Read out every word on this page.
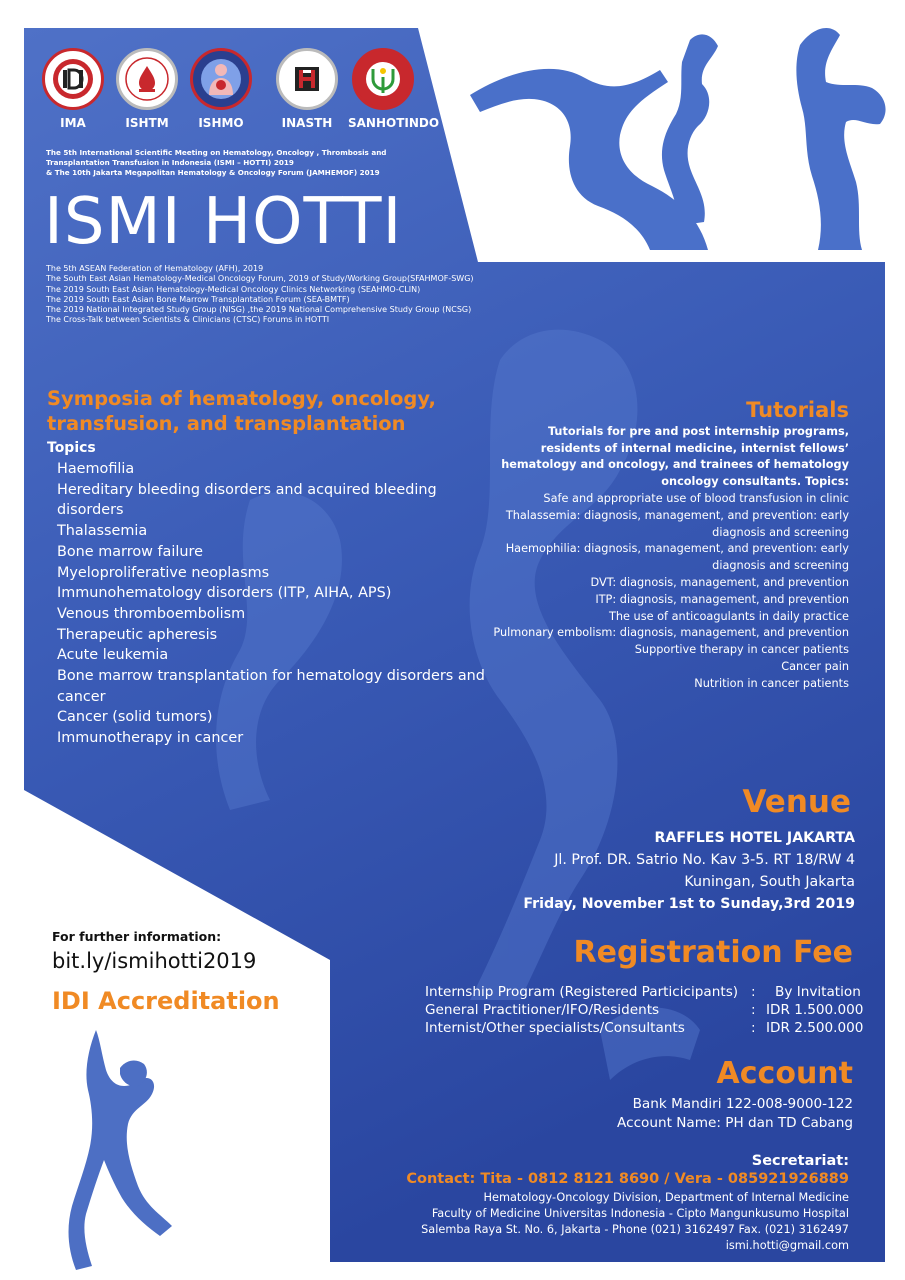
IMA	ISHTM	ISHMO	INASTH	SANHOTINDO
The 5th International Scientific Meeting on Hematology, Oncology , Thrombosis and
Transplantation Transfusion in Indonesia (ISMI – HOTTI) 2019
& The 10th Jakarta Megapolitan Hematology & Oncology Forum (JAMHEMOF) 2019
ISMI HOTTI
The 5th ASEAN Federation of Hematology (AFH), 2019
The South East Asian Hematology-Medical Oncology Forum, 2019 of Study/Working Group(SFAHMOF-SWG)
The 2019 South East Asian Hematology-Medical Oncology Clinics Networking (SEAHMO-CLIN)
The 2019 South East Asian Bone Marrow Transplantation Forum (SEA-BMTF)
The 2019 National Integrated Study Group (NISG) ,the 2019 National Comprehensive Study Group (NCSG)
The Cross-Talk between Scientists & Clinicians (CTSC) Forums in HOTTI
Symposia of hematology, oncology, transfusion, and transplantation
Topics
Haemofilia
Hereditary bleeding disorders and acquired bleeding disorders
Thalassemia
Bone marrow failure
Myeloproliferative neoplasms
Immunohematology disorders (ITP, AIHA, APS)
Venous thromboembolism
Therapeutic apheresis
Acute leukemia
Bone marrow transplantation for hematology disorders and cancer
Cancer (solid tumors)
Immunotherapy in cancer
Tutorials
Tutorials for pre and post internship programs, residents of internal medicine, internist fellows’ hematology and oncology, and trainees of hematology oncology consultants. Topics:
Safe and appropriate use of blood transfusion in clinic
Thalassemia: diagnosis, management, and prevention: early diagnosis and screening
Haemophilia: diagnosis, management, and prevention: early diagnosis and screening
DVT: diagnosis, management, and prevention
ITP: diagnosis, management, and prevention
The use of anticoagulants in daily practice
Pulmonary embolism: diagnosis, management, and prevention
Supportive therapy in cancer patients
Cancer pain
Nutrition in cancer patients
Venue
RAFFLES HOTEL JAKARTA
Jl. Prof. DR. Satrio No. Kav 3-5. RT 18/RW 4
Kuningan, South Jakarta
Friday, November 1st to Sunday,3rd 2019
For further information:
bit.ly/ismihotti2019
IDI Accreditation
Registration Fee
Internship Program (Registered Particicipants) : By Invitation
General Practitioner/IFO/Residents	: IDR 1.500.000
Internist/Other specialists/Consultants	: IDR 2.500.000
Account
Bank Mandiri 122-008-9000-122
Account Name: PH dan TD Cabang
Secretariat:
Contact: Tita - 0812 8121 8690 / Vera - 085921926889
Hematology-Oncology Division, Department of Internal Medicine
Faculty of Medicine Universitas Indonesia - Cipto Mangunkusumo Hospital
Salemba Raya St. No. 6, Jakarta - Phone (021) 3162497 Fax. (021) 3162497
ismi.hotti@gmail.com
